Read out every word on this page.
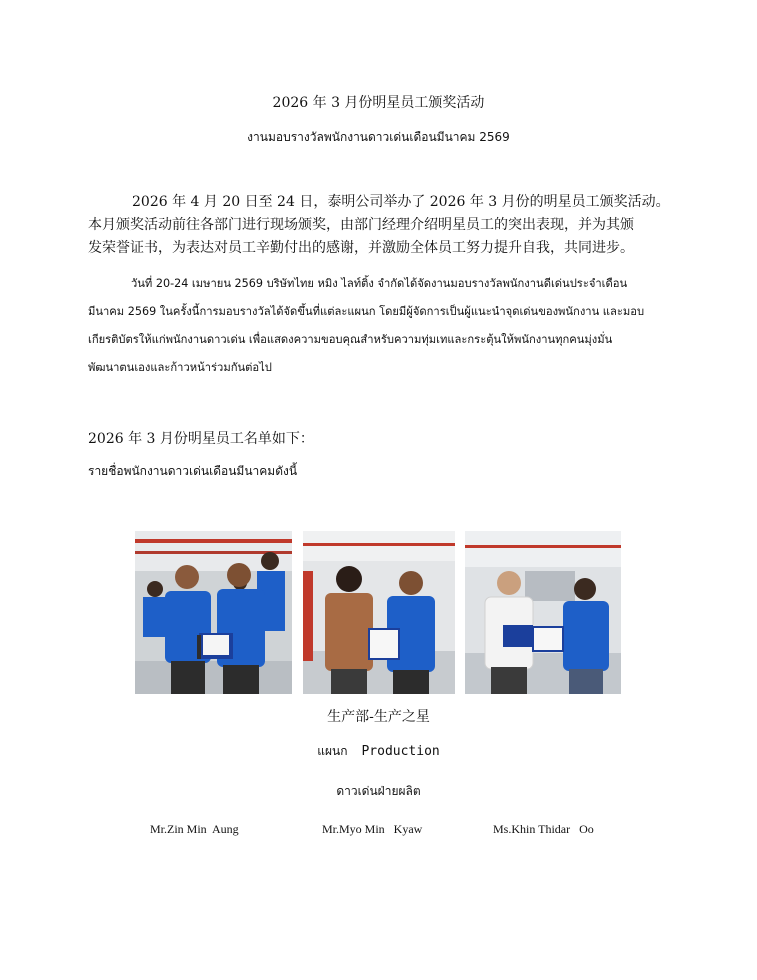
2026 年 3 月份明星员工颁奖活动
งานมอบรางวัลพนักงานดาวเด่นเดือนมีนาคม 2569
2026 年 4 月 20 日至 24 日，泰明公司举办了 2026 年 3 月份的明星员工颁奖活动。
本月颁奖活动前往各部门进行现场颁奖，由部门经理介绍明星员工的突出表现，并为其颁
发荣誉证书，为表达对员工辛勤付出的感谢，并激励全体员工努力提升自我，共同进步。
วันที่ 20-24 เมษายน 2569 บริษัทไทย หมิง ไลท์ติ้ง จำกัดได้จัดงานมอบรางวัลพนักงานดีเด่นประจำเดือน
มีนาคม 2569 ในครั้งนี้การมอบรางวัลได้จัดขึ้นที่แต่ละแผนก โดยมีผู้จัดการเป็นผู้แนะนำจุดเด่นของพนักงาน และมอบ
เกียรติบัตรให้แก่พนักงานดาวเด่น เพื่อแสดงความขอบคุณสำหรับความทุ่มเทและกระตุ้นให้พนักงานทุกคนมุ่งมั่น
พัฒนาตนเองและก้าวหน้าร่วมกันต่อไป
2026 年 3 月份明星员工名单如下：
รายชื่อพนักงานดาวเด่นเดือนมีนาคมดังนี้
生产部-生产之星
แผนก Production
ดาวเด่นฝ่ายผลิต
Mr.Zin Min  Aung	Mr.Myo Min   Kyaw	Ms.Khin Thidar   Oo
